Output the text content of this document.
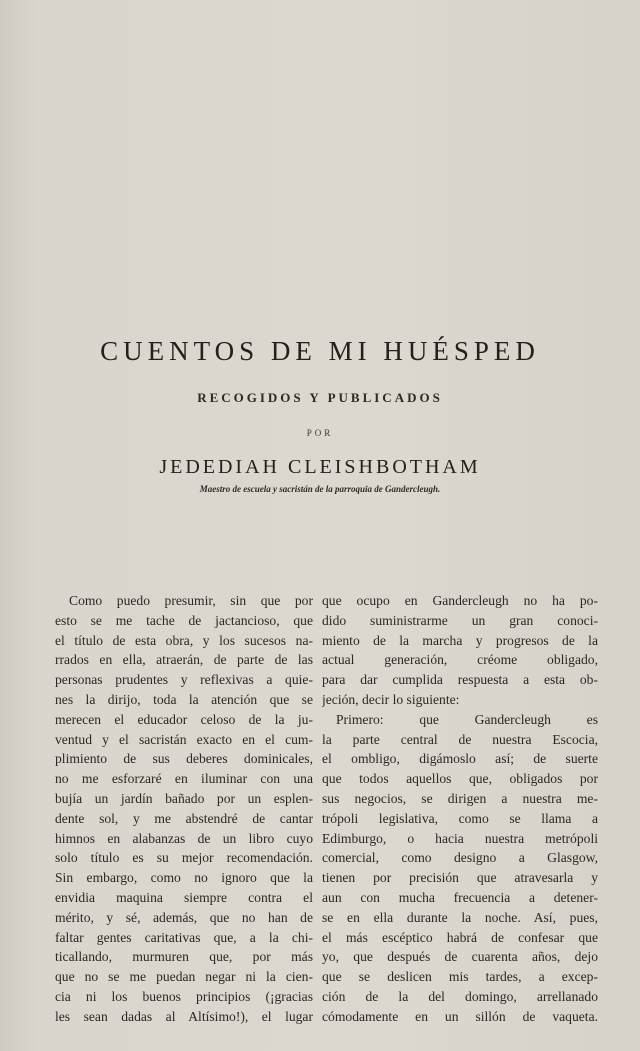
CUENTOS DE MI HUÉSPED
RECOGIDOS Y PUBLICADOS
POR
JEDEDIAH CLEISHBOTHAM
Maestro de escuela y sacristán de la parroquia de Gandercleugh.
Como puedo presumir, sin que por
esto se me tache de jactancioso, que
el título de esta obra, y los sucesos na-
rrados en ella, atraerán, de parte de las
personas prudentes y reflexivas a quie-
nes la dirijo, toda la atención que se
merecen el educador celoso de la ju-
ventud y el sacristán exacto en el cum-
plimiento de sus deberes dominicales,
no me esforzaré en iluminar con una
bujía un jardín bañado por un esplen-
dente sol, y me abstendré de cantar
himnos en alabanzas de un libro cuyo
solo título es su mejor recomendación.
Sin embargo, como no ignoro que la
envidia maquina siempre contra el
mérito, y sé, además, que no han de
faltar gentes caritativas que, a la chi-
ticallando, murmuren que, por más
que no se me puedan negar ni la cien-
cia ni los buenos principios (¡gracias
les sean dadas al Altísimo!), el lugar
que ocupo en Gandercleugh no ha po-
dido suministrarme un gran conoci-
miento de la marcha y progresos de la
actual generación, créome obligado,
para dar cumplida respuesta a esta ob-
jeción, decir lo siguiente:
Primero: que Gandercleugh es
la parte central de nuestra Escocia,
el ombligo, digámoslo así; de suerte
que todos aquellos que, obligados por
sus negocios, se dirigen a nuestra me-
trópoli legislativa, como se llama a
Edimburgo, o hacia nuestra metrópoli
comercial, como designo a Glasgow,
tienen por precisión que atravesarla y
aun con mucha frecuencia a detener-
se en ella durante la noche. Así, pues,
el más escéptico habrá de confesar que
yo, que después de cuarenta años, dejo
que se deslicen mis tardes, a excep-
ción de la del domingo, arrellanado
cómodamente en un sillón de vaqueta.
